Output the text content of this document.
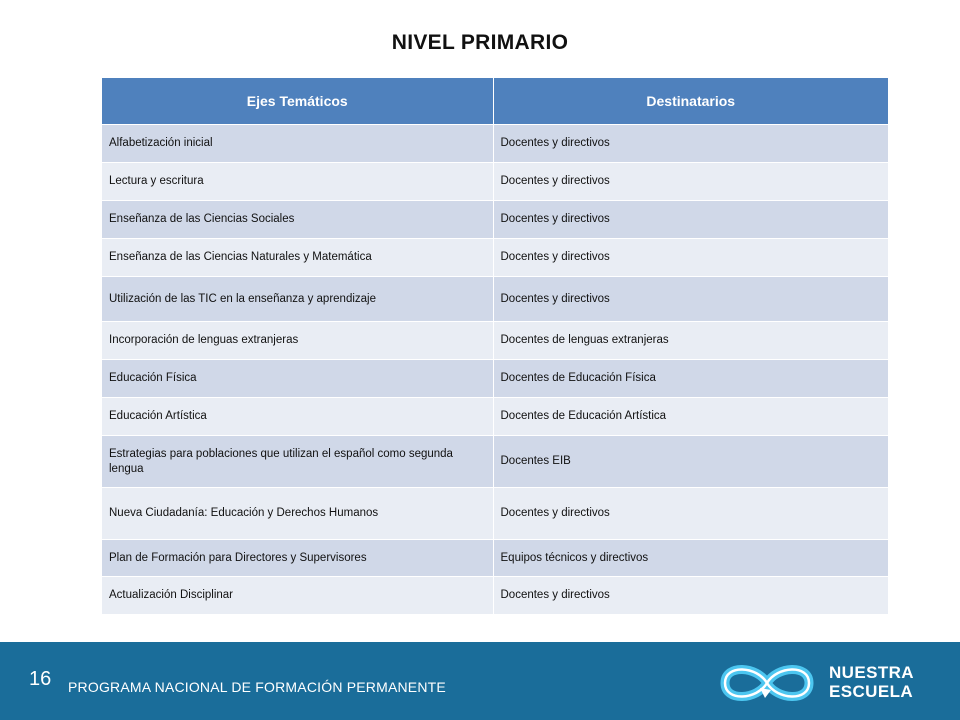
NIVEL PRIMARIO
Ejes Temáticos	Destinatarios
Alfabetización inicial	Docentes y directivos
Lectura y escritura	Docentes y directivos
Enseñanza de las Ciencias Sociales	Docentes y directivos
Enseñanza de las Ciencias Naturales y Matemática	Docentes y directivos
Utilización de las TIC en la enseñanza y aprendizaje	Docentes y directivos
Incorporación de lenguas extranjeras	Docentes de lenguas extranjeras
Educación Física	Docentes de Educación Física
Educación Artística	Docentes de Educación Artística
Estrategias para poblaciones que utilizan el español como segunda lengua	Docentes EIB
Nueva Ciudadanía: Educación y Derechos Humanos	Docentes y directivos
Plan de Formación para Directores y Supervisores	Equipos técnicos y directivos
Actualización Disciplinar	Docentes y directivos
16 PROGRAMA NACIONAL DE FORMACIÓN PERMANENTE
NUESTRA
ESCUELA
